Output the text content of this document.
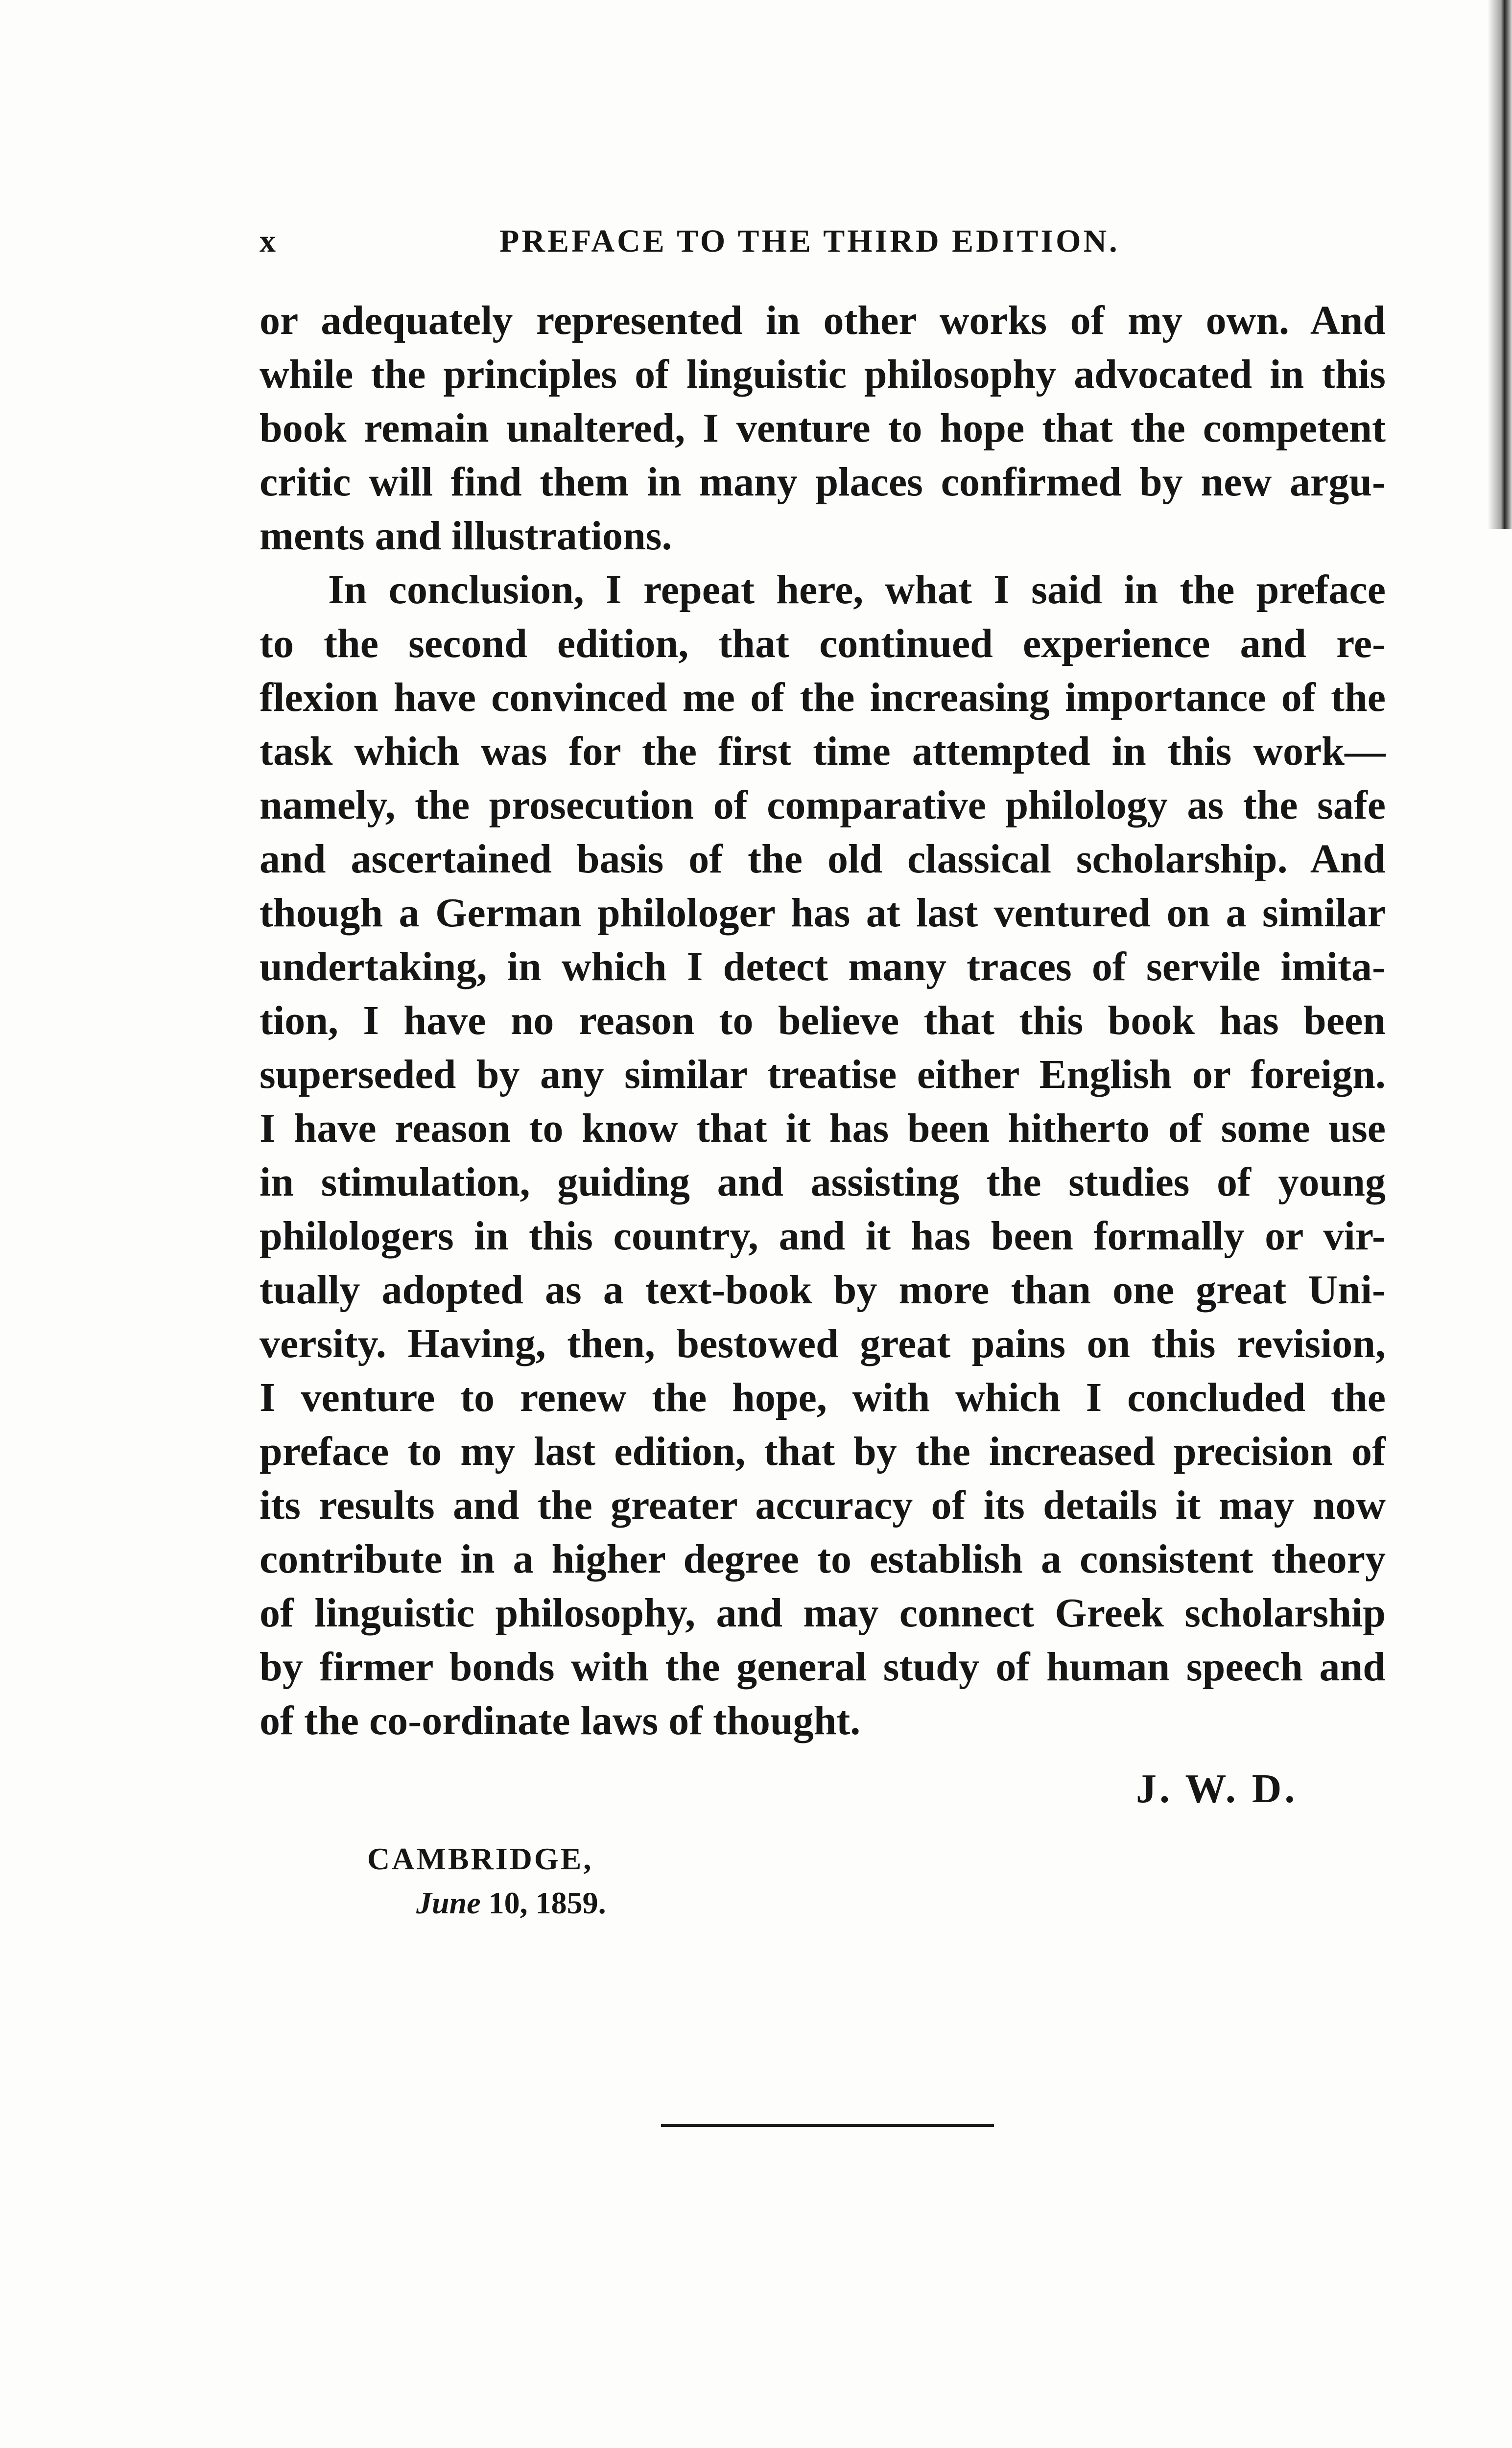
x	PREFACE TO THE THIRD EDITION.
or adequately represented in other works of my own. And
while the principles of linguistic philosophy advocated in this
book remain unaltered, I venture to hope that the competent
critic will find them in many places confirmed by new argu-
ments and illustrations.
In conclusion, I repeat here, what I said in the preface
to the second edition, that continued experience and re-
flexion have convinced me of the increasing importance of the
task which was for the first time attempted in this work—
namely, the prosecution of comparative philology as the safe
and ascertained basis of the old classical scholarship. And
though a German philologer has at last ventured on a similar
undertaking, in which I detect many traces of servile imita-
tion, I have no reason to believe that this book has been
superseded by any similar treatise either English or foreign.
I have reason to know that it has been hitherto of some use
in stimulation, guiding and assisting the studies of young
philologers in this country, and it has been formally or vir-
tually adopted as a text-book by more than one great Uni-
versity. Having, then, bestowed great pains on this revision,
I venture to renew the hope, with which I concluded the
preface to my last edition, that by the increased precision of
its results and the greater accuracy of its details it may now
contribute in a higher degree to establish a consistent theory
of linguistic philosophy, and may connect Greek scholarship
by firmer bonds with the general study of human speech and
of the co-ordinate laws of thought.
J. W. D.
CAMBRIDGE,
June 10, 1859.
